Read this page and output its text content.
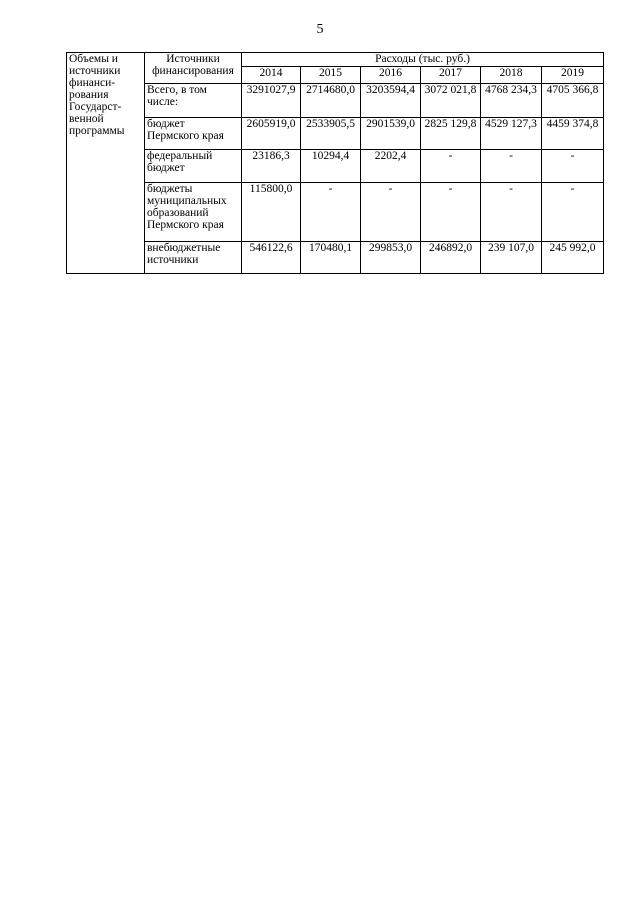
5
Объемы и источники финанси-рования Государст-венной программы	Источники финансирования	Расходы (тыс. руб.)					
		2014	2015	2016	2017	2018	2019
	Всего, в том числе:	3291027,9	2714680,0	3203594,4	3072 021,8	4768 234,3	4705 366,8
	бюджет Пермского края	2605919,0	2533905,5	2901539,0	2825 129,8	4529 127,3	4459 374,8
	федеральный бюджет	23186,3	10294,4	2202,4	-	-	-
	бюджеты муниципальных образований Пермского края	115800,0	-	-	-	-	-
	внебюджетные источники	546122,6	170480,1	299853,0	246892,0	239 107,0	245 992,0
